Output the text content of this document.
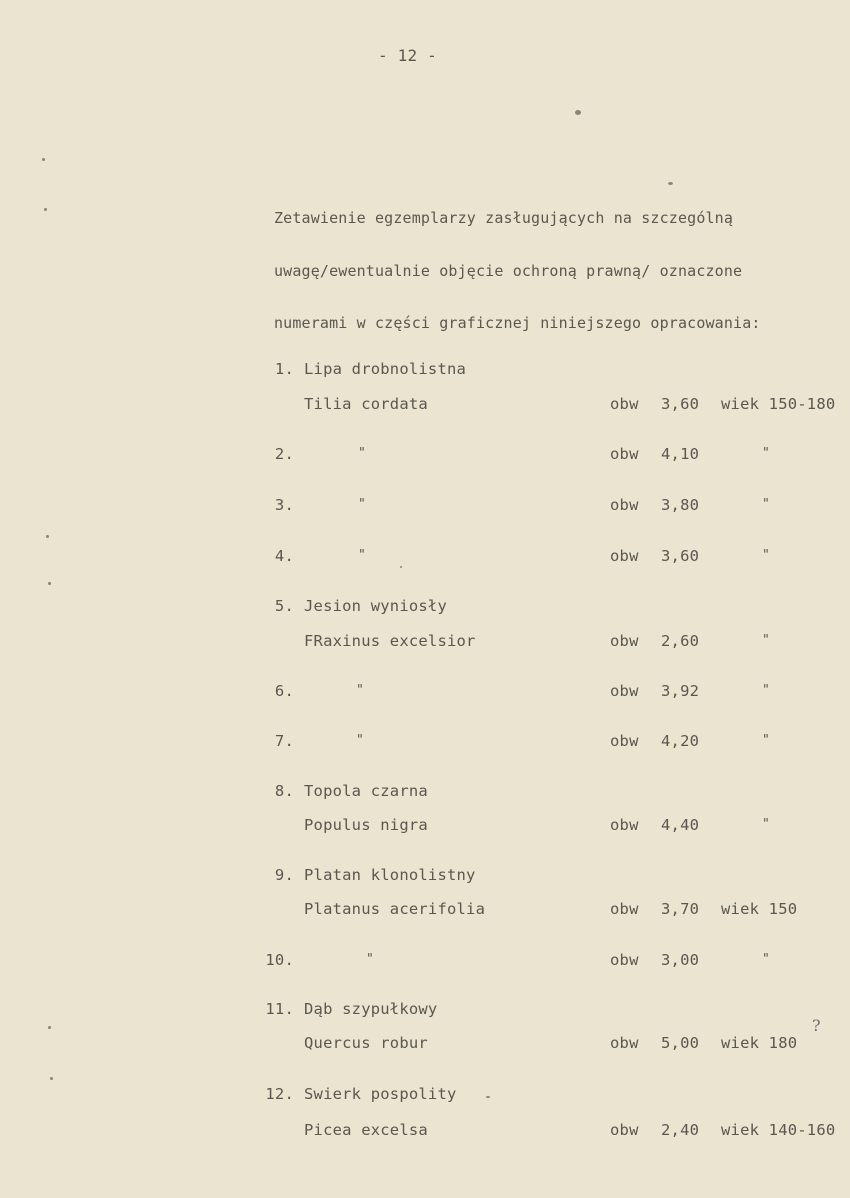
- 12 -
Zetawienie egzemplarzy zasługujących na szczególną
uwagę/ewentualnie objęcie ochroną prawną/ oznaczone
numerami w części graficznej niniejszego opracowania:
1. Lipa drobnolistna
Tilia cordata	obw 3,60 wiek 150-180
2.	"	obw 4,10	"
3.	"	obw 3,80	"
4.	"	obw 3,60	"
5. Jesion wyniosły
FRaxinus excelsior	obw 2,60	"
6.	"	obw 3,92	"
7.	"	obw 4,20	"
8. Topola czarna
Populus nigra	obw 4,40	"
9. Platan klonolistny
Platanus acerifolia	obw 3,70 wiek 150
10.	"	obw 3,00	"
11. Dąb szypułkowy
Quercus robur	obw 5,00 wiek 180
12. Swierk pospolity
Picea excelsa	obw 2,40 wiek 140-160
?
